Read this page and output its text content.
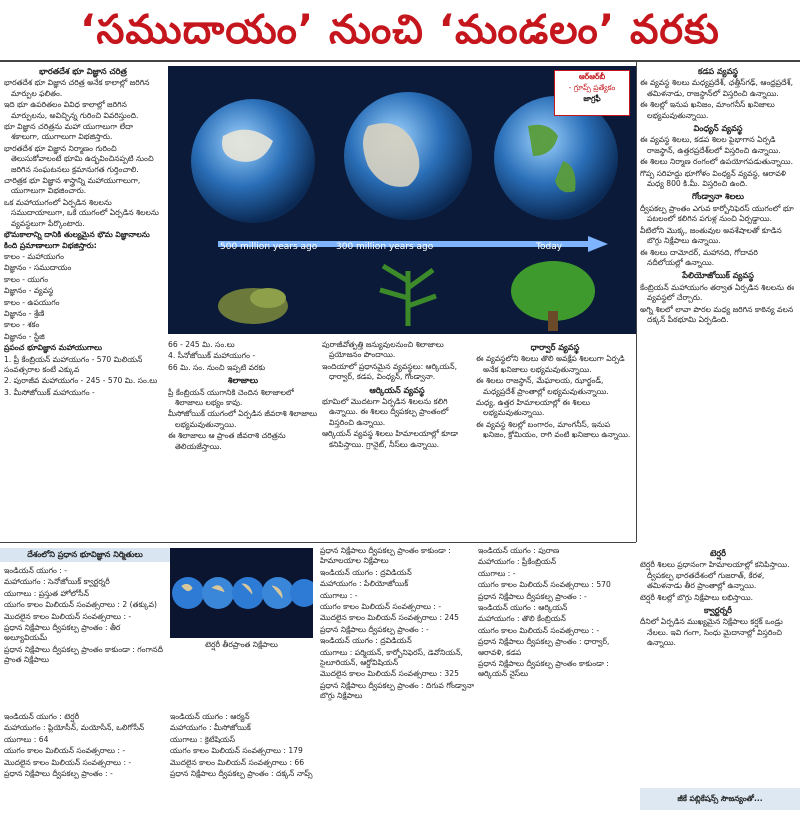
‘సముదాయం’ నుంచి ‘మండలం’ వరకు
భారతదేశ భూ విజ్ఞాన చరిత్ర

భారతదేశ భూ విజ్ఞాన చరిత్ర అనేక కాలాల్లో జరిగిన మార్పుల ఫలితం.

ఇది భూ ఉపరితలం వివిధ కాలాల్లో జరిగిన మార్పులను, అవిచ్ఛిన్న గురించి వివరిస్తుంది.

భూ విజ్ఞాన చరిత్రను మహా యుగాలుగా లేదా శకాలుగా, యుగాలుగా విభజిస్తారు.

భారతదేశ భూ విజ్ఞాన నిర్మాణం గురించి తెలుసుకోవాలంటే భూమి ఉద్భవించినప్పటి నుంచి జరిగిన సంఘటనలు క్రమానుగత గుర్తించాలి.

చారిత్రక భూ విజ్ఞాన శాస్త్రాన్ని మహాయుగాలుగా, యుగాలుగా విభజించారు.

ఒక మహాయుగంలో ఏర్పడిన శిలలను సముదాయాలుగా, ఒకే యుగంలో ఏర్పడిన శిలలను వ్యవస్థలుగా పేర్కొంటారు.

భౌమకాలాన్ని దానికి తుల్యమైన భౌమ విజ్ఞానాలను కింది ప్రమాణాలుగా విభజిస్తారు:

కాలం - మహాయుగం

విజ్ఞానం - సముదాయం

కాలం - యుగం

విజ్ఞానం - వ్యవస్థ

కాలం - ఉపయుగం

విజ్ఞానం - శ్రేణి

కాలం - శకం

విజ్ఞానం - స్టేజి

ప్రపంచ భూవిజ్ఞాన మహాయుగాలు

1. ప్రీ కేంబ్రియన్‌ మహాయుగం - 570 మిలియన్‌ సంవత్సరాల కంటే ఎక్కువ

2. పురాజీవ మహాయుగం - 245 - 570 మి. సం.లు

3. మీసోజోయిక్‌ మహాయుగం -

500 million years ago 300 million years ago	Today
ఆర్‌ఆర్‌బీ
- గ్రూప్స్‌ ప్రత్యేకం
జాగ్రఫీ

66 - 245 మి. సం.లు

4. సీనోజోయిక్‌ మహాయుగం -

66 మి. సం. నుంచి ఇప్పటి వరకు

శిలాజాలు

ప్రీ కేంబ్రియన్‌ యుగానికి చెందిన శిలాజాలలో శిలాజాలు లభ్యం కావు.

మీసోజోయిక్‌ యుగంలో ఏర్పడిన జీవరాశి శిలాజాలు లభ్యమవుతున్నాయి.

ఈ శిలాజాలు ఆ ప్రాంత జీవరాశి చరిత్రను తెలియజేస్తాయి.

పురాజీవోత్పత్తి జన్యువులనుంచి శిలాజాలు ప్రయోజనం పొందాయి.

ఇందియాలో ప్రధానమైన వ్యవస్థలు: ఆర్కియన్‌, ధార్వార్‌, కడప, వింధ్యన్‌, గోండ్వానా.

ఆర్కియన్‌ వ్యవస్థ

భూమిలో మొదటగా ఏర్పడిన శిలలను కలిగి ఉన్నాయి. ఈ శిలలు ద్వీపకల్ప ప్రాంతంలో విస్తరించి ఉన్నాయి.

ఆర్కియన్‌ వ్యవస్థ శిలలు హిమాలయాల్లో కూడా కనిపిస్తాయి. గ్రానైట్‌, నీస్‌లు ఉన్నాయి.

ధార్వార్‌ వ్యవస్థ

ఈ వ్యవస్థలోని శిలలు తొలి అవక్షేప శిలలుగా ఏర్పడి అనేక ఖనిజాలు లభ్యమవుతున్నాయి.

ఈ శిలలు రాజస్థాన్‌, మేఘాలయ, ఝార్ఖండ్‌, మధ్యప్రదేశ్‌ ప్రాంతాల్లో లభ్యమవుతున్నాయి.

మధ్య, ఉత్తర హిమాలయాల్లో ఈ శిలలు లభ్యమవుతున్నాయి.

ఈ వ్యవస్థ శిలల్లో బంగారం, మాంగనీస్‌, ఇనుప ఖనిజం, క్రోమియం, రాగి వంటి ఖనిజాలు ఉన్నాయి.

కడప వ్యవస్థ

ఈ వ్యవస్థ శిలలు మధ్యప్రదేశ్‌, ఛత్తీస్‌గఢ్‌, ఆంధ్రప్రదేశ్‌, తమిళనాడు, రాజస్థాన్‌లో విస్తరించి ఉన్నాయి.

ఈ శిలల్లో ఇనుప ఖనిజం, మాంగనీస్‌ ఖనిజాలు లభ్యమవుతున్నాయి.

వింధ్యన్‌ వ్యవస్థ

ఈ వ్యవస్థ శిలలు, కడప శిలల పైభాగాన ఏర్పడి రాజస్థాన్‌, ఉత్తరప్రదేశ్‌లలో విస్తరించి ఉన్నాయి.

ఈ శిలలు నిర్మాణ రంగంలో ఉపయోగపడుతున్నాయి.

గొప్ప సరిహద్దు భూగోళం వింధ్యన్‌ వ్యవస్థ, ఆరావళి మధ్య 800 కి.మీ. విస్తరించి ఉంది.

గోండ్వానా శిలలు

ద్వీపకల్ప ప్రాంతం ఎగువ కార్బోనిఫెరస్‌ యుగంలో భూ పటలంలో కలిగిన పగుళ్ల నుంచి ఏర్పడ్డాయి.

వీటిలోని మొక్క, జంతువుల అవశేషాలతో కూడిన బొగ్గు నిక్షేపాలు ఉన్నాయి.

ఈ శిలలు దామోదర్‌, మహానది, గోదావరి నదీలోయల్లో ఉన్నాయి.

పేలియోజోయిక్‌ వ్యవస్థ

కేంబ్రియన్‌ మహాయుగం తర్వాత ఏర్పడిన శిలలను ఈ వ్యవస్థలో చేర్చారు.

అగ్ని శిలలో లావా పొరల మధ్య జరిగిన కాఠిన్య వలన దక్కన్‌ పీఠభూమి ఏర్పడింది.

టెర్షరీ

టెర్షరీ శిలలు ప్రధానంగా హిమాలయాల్లో కనిపిస్తాయి. ద్వీపకల్ప భారతదేశంలో గుజరాత్‌, కేరళ, తమిళనాడు తీర ప్రాంతాల్లో ఉన్నాయి.

టెర్షరీ శిలల్లో బొగ్గు నిక్షేపాలు లభిస్తాయి.

క్వార్టర్నరీ

దీనిలో ఏర్పడిన ముఖ్యమైన నిక్షేపాలు కర్షక్‌ ఒండ్రు నేలలు. ఇవి గంగా, సింధు మైదానాల్లో విస్తరించి ఉన్నాయి.

జీకే పబ్లికేషన్స్‌ సౌజన్యంతో...
దేశంలోని ప్రధాన భూవిజ్ఞాన నిర్మితులు
టెర్షరీ తీరప్రాంత నిక్షేపాలు

ఇండియన్‌ యుగం : -

మహాయుగం : సెనోజోయిక్‌ క్వార్టర్నరీ

యుగాలు : ప్రస్తుత హోలోసీన్‌

యుగం కాలం మిలియన్‌ సంవత్సరాలు : 2 (తక్కువ)

మొదలైన కాలం మిలియన్‌ సంవత్సరాలు : -

ప్రధాన నిక్షేపాలు ద్వీపకల్ప ప్రాంతం : తీర అల్యూవియమ్‌

ప్రధాన నిక్షేపాలు ద్వీపకల్ప ప్రాంతం కాకుండా : గంగానదీ ప్రాంత నిక్షేపాలు

ఇండియన్‌ యుగం : టెర్షరీ

మహాయుగం : ప్లియోసీన్‌, మయోసీన్‌, ఒలిగోసీన్‌

యుగాలు : 64

యుగం కాలం మిలియన్‌ సంవత్సరాలు : -

మొదలైన కాలం మిలియన్‌ సంవత్సరాలు : -

ప్రధాన నిక్షేపాలు ద్వీపకల్ప ప్రాంతం : -

ఇండియన్‌ యుగం : ఆర్యన్‌

మహాయుగం : మీసోజోయిక్‌

యుగాలు : క్రెటేషియస్‌

యుగం కాలం మిలియన్‌ సంవత్సరాలు : 179

మొదలైన కాలం మిలియన్‌ సంవత్సరాలు : 66

ప్రధాన నిక్షేపాలు ద్వీపకల్ప ప్రాంతం : దక్కన్‌ నాప్స్‌

ప్రధాన నిక్షేపాలు ద్వీపకల్ప ప్రాంతం కాకుండా : హిమాలయాల నిక్షేపాలు

ఇండియన్‌ యుగం : ద్రవిడియన్‌

మహాయుగం : పేలియోజోయిక్‌

యుగాలు : -

యుగం కాలం మిలియన్‌ సంవత్సరాలు : -

మొదలైన కాలం మిలియన్‌ సంవత్సరాలు : 245

ప్రధాన నిక్షేపాలు ద్వీపకల్ప ప్రాంతం : -

ఇండియన్‌ యుగం : ద్రవిడియన్‌

యుగాలు : పర్మియన్‌, కార్బోనిఫెరస్‌, డెవోనియన్‌, సైలూరియన్‌, ఆర్డోవిషియన్‌

మొదలైన కాలం మిలియన్‌ సంవత్సరాలు : 325

ప్రధాన నిక్షేపాలు ద్వీపకల్ప ప్రాంతం : దిగువ గోండ్వానా బొగ్గు నిక్షేపాలు

ఇండియన్‌ యుగం : పురాణ

మహాయుగం : ప్రీకేంబ్రియన్‌

యుగాలు : -

యుగం కాలం మిలియన్‌ సంవత్సరాలు : 570

ప్రధాన నిక్షేపాలు ద్వీపకల్ప ప్రాంతం : -

ఇండియన్‌ యుగం : ఆర్కియన్‌

మహాయుగం : తొలి కేంబ్రియన్‌

యుగం కాలం మిలియన్‌ సంవత్సరాలు : -

ప్రధాన నిక్షేపాలు ద్వీపకల్ప ప్రాంతం : ధార్వార్‌, ఆరావళి, కడప

ప్రధాన నిక్షేపాలు ద్వీపకల్ప ప్రాంతం కాకుండా : ఆర్కియన్‌ నైస్‌లు
